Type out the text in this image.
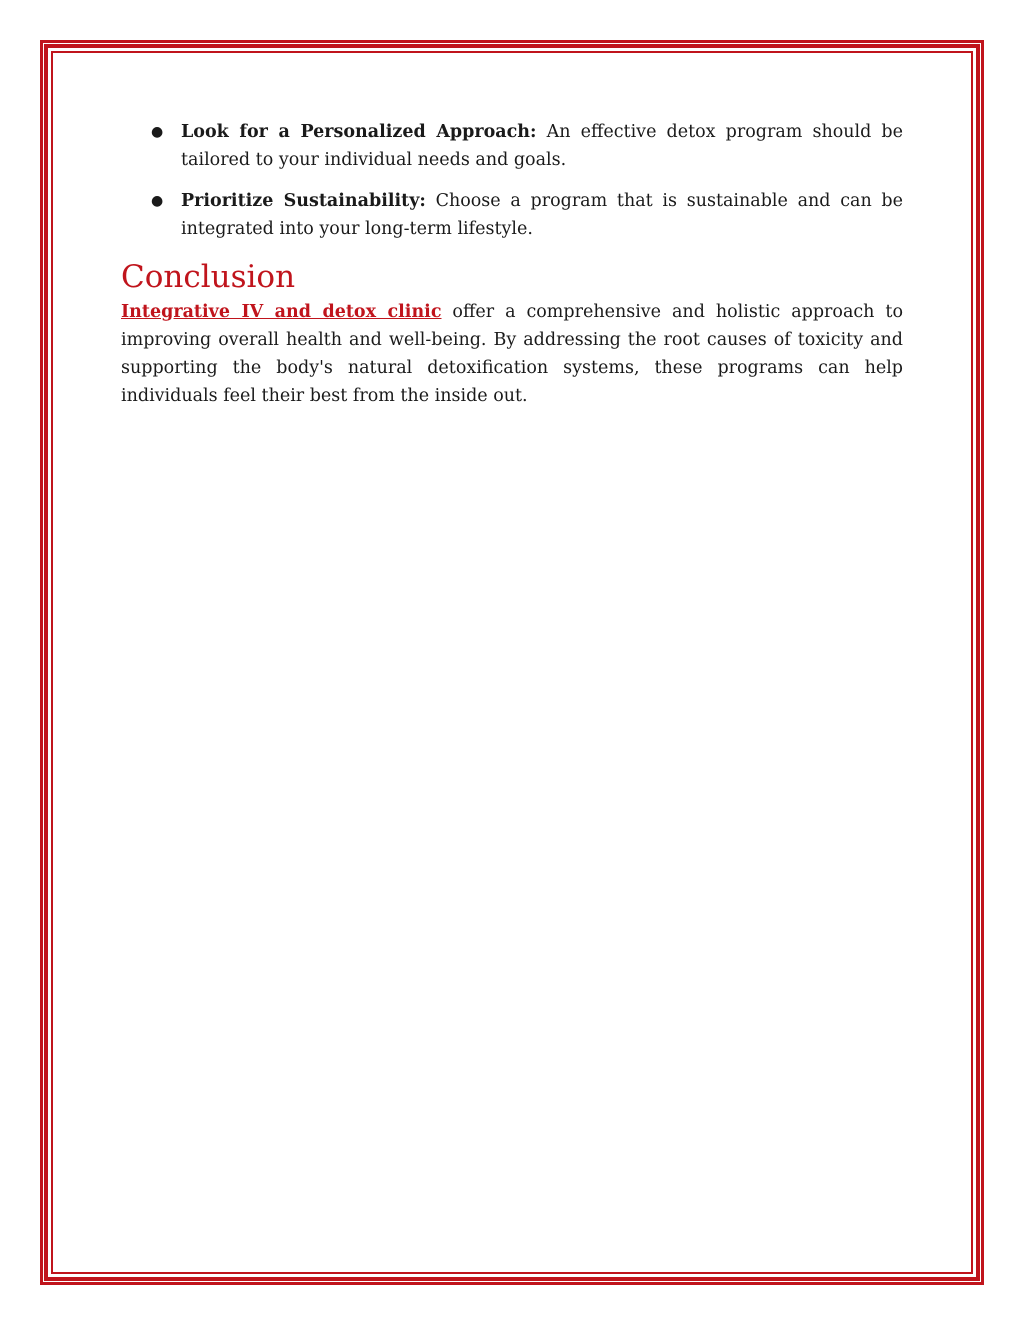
● Look for a Personalized Approach: An effective detox program should be tailored to your individual needs and goals.
● Prioritize Sustainability: Choose a program that is sustainable and can be integrated into your long-term lifestyle.
Conclusion

Integrative IV and detox clinic offer a comprehensive and holistic approach to improving overall health and well-being. By addressing the root causes of toxicity and supporting the body's natural detoxification systems, these programs can help individuals feel their best from the inside out.
